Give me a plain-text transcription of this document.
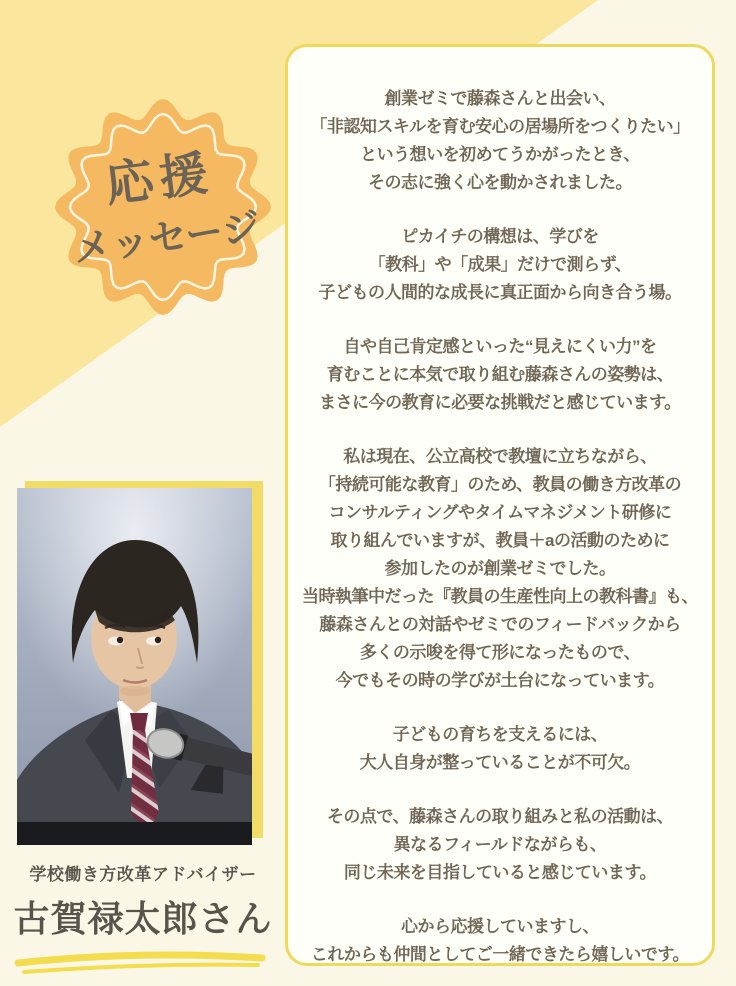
応援
メッセージ

創業ゼミで藤森さんと出会い、
「非認知スキルを育む安心の居場所をつくりたい」
という想いを初めてうかがったとき、
その志に強く心を動かされました。

ピカイチの構想は、学びを
「教科」や「成果」だけで測らず、
子どもの人間的な成長に真正面から向き合う場。

自や自己肯定感といった“見えにくい力”を
育むことに本気で取り組む藤森さんの姿勢は、
まさに今の教育に必要な挑戦だと感じています。

私は現在、公立高校で教壇に立ちながら、
「持続可能な教育」のため、教員の働き方改革の
コンサルティングやタイムマネジメント研修に
取り組んでいますが、教員＋aの活動のために
参加したのが創業ゼミでした。
当時執筆中だった『教員の生産性向上の教科書』も、
藤森さんとの対話やゼミでのフィードバックから
多くの示唆を得て形になったもので、
今でもその時の学びが土台になっています。

子どもの育ちを支えるには、
大人自身が整っていることが不可欠。

その点で、藤森さんの取り組みと私の活動は、
異なるフィールドながらも、
同じ未来を目指していると感じています。

心から応援していますし、
これからも仲間としてご一緒できたら嬉しいです。

学校働き方改革アドバイザー
古賀禄太郎さん
